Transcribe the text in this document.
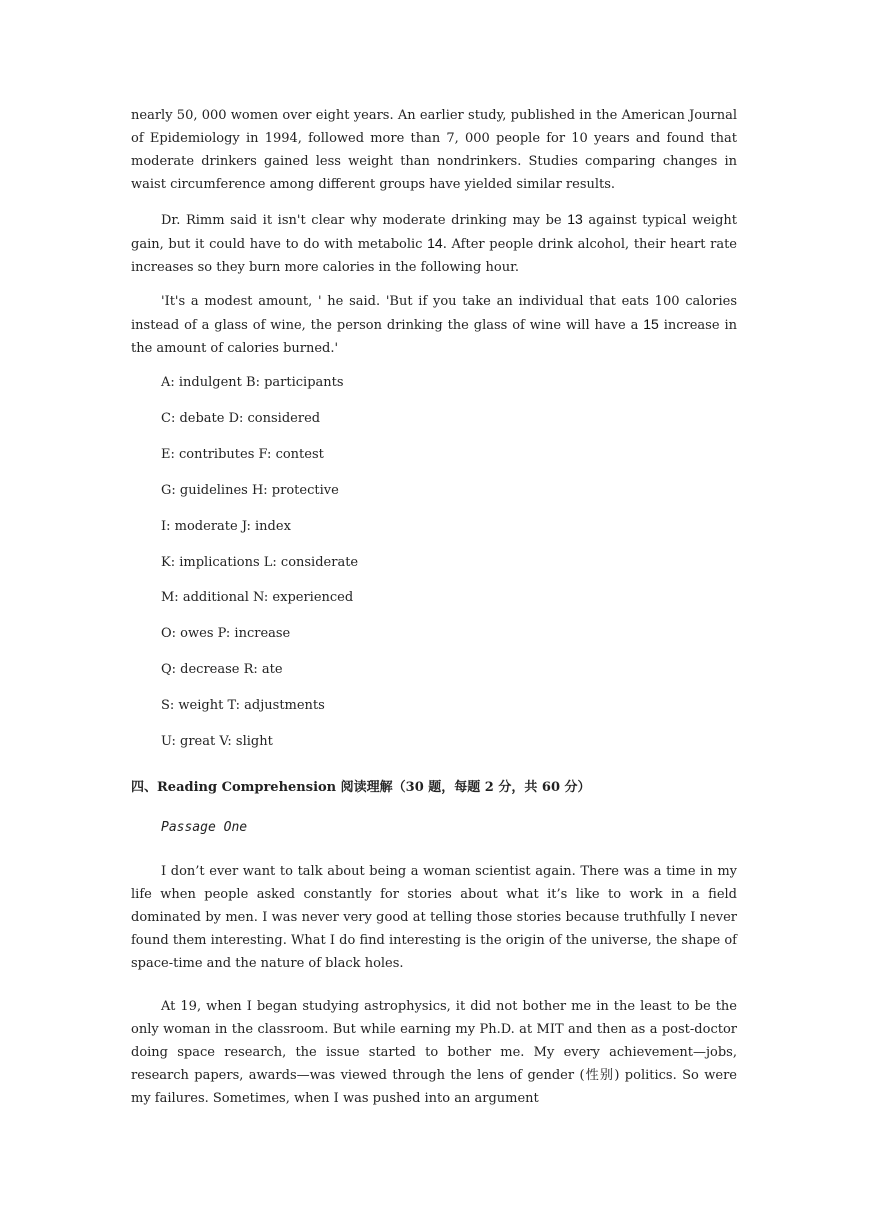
nearly 50, 000 women over eight years. An earlier study, published in the American Journal of Epidemiology in 1994, followed more than 7, 000 people for 10 years and found that moderate drinkers gained less weight than nondrinkers. Studies comparing changes in waist circumference among different groups have yielded similar results.

Dr. Rimm said it isn't clear why moderate drinking may be 13 against typical weight gain, but it could have to do with metabolic 14. After people drink alcohol, their heart rate increases so they burn more calories in the following hour.

'It's a modest amount, ' he said. 'But if you take an individual that eats 100 calories instead of a glass of wine, the person drinking the glass of wine will have a 15 increase in the amount of calories burned.'

A: indulgent B: participants

C: debate D: considered

E: contributes F: contest

G: guidelines H: protective

I: moderate J: index

K: implications L: considerate

M: additional N: experienced

O: owes P: increase

Q: decrease R: ate

S: weight T: adjustments

U: great V: slight

四、Reading Comprehension 阅读理解（30 题，每题 2 分，共 60 分）

Passage One

I don’t ever want to talk about being a woman scientist again. There was a time in my life when people asked constantly for stories about what it’s like to work in a field dominated by men. I was never very good at telling those stories because truthfully I never found them interesting. What I do find interesting is the origin of the universe, the shape of space-time and the nature of black holes.

At 19, when I began studying astrophysics, it did not bother me in the least to be the only woman in the classroom. But while earning my Ph.D. at MIT and then as a post-doctor doing space research, the issue started to bother me. My every achievement—jobs, research papers, awards—was viewed through the lens of gender (性别) politics. So were my failures. Sometimes, when I was pushed into an argument
